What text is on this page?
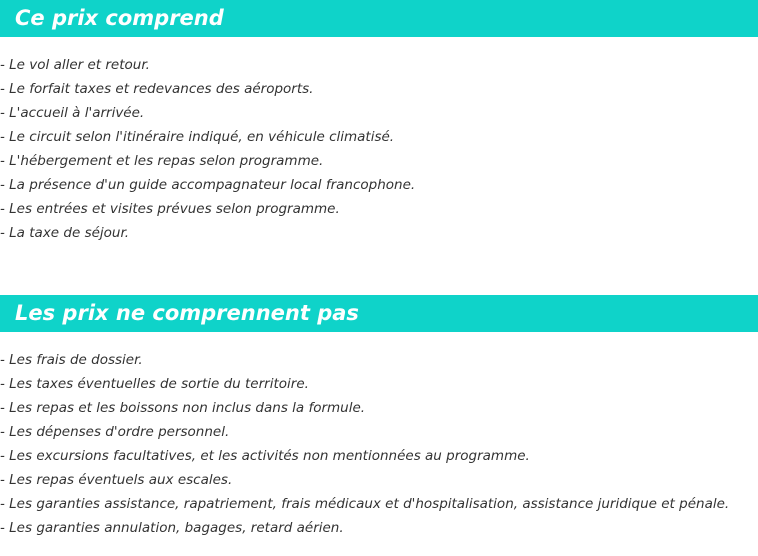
Ce prix comprend
- Le vol aller et retour.
- Le forfait taxes et redevances des aéroports.
- L'accueil à l'arrivée.
- Le circuit selon l'itinéraire indiqué, en véhicule climatisé.
- L'hébergement et les repas selon programme.
- La présence d'un guide accompagnateur local francophone.
- Les entrées et visites prévues selon programme.
- La taxe de séjour.
Les prix ne comprennent pas
- Les frais de dossier.
- Les taxes éventuelles de sortie du territoire.
- Les repas et les boissons non inclus dans la formule.
- Les dépenses d'ordre personnel.
- Les excursions facultatives, et les activités non mentionnées au programme.
- Les repas éventuels aux escales.
- Les garanties assistance, rapatriement, frais médicaux et d'hospitalisation, assistance juridique et pénale.
- Les garanties annulation, bagages, retard aérien.
